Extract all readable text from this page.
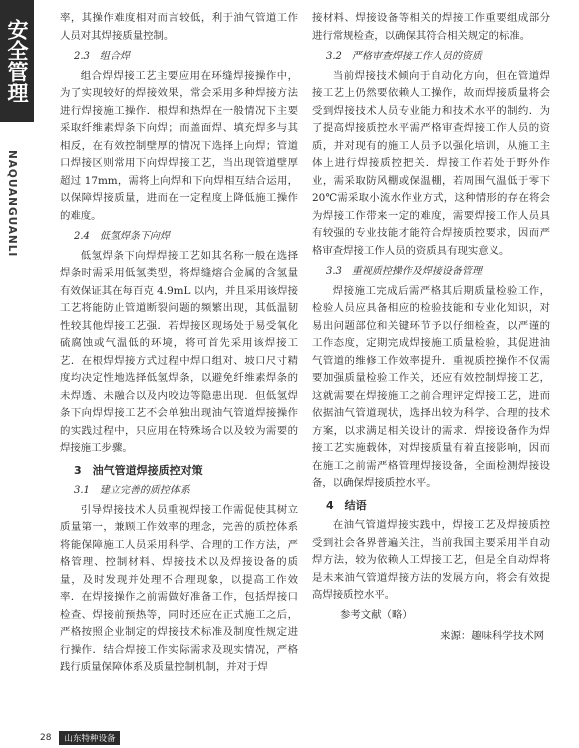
安全管理
NAQUANGUANLI

率，其操作难度相对而言较低，利于油气管道工作人员对其焊接质量控制。

2.3　组合焊

组合焊焊接工艺主要应用在环缝焊接操作中，为了实现较好的焊接效果，常会采用多种焊接方法进行焊接施工操作．根焊和热焊在一般情况下主要采取纤维素焊条下向焊；而盖面焊、填充焊多与其相反，在有效控制壁厚的情况下选择上向焊；管道口焊接区则常用下向焊焊接工艺，当出现管道壁厚超过 17mm，需将上向焊和下向焊相互结合运用，以保障焊接质量，进而在一定程度上降低施工操作的难度。

2.4　低氢焊条下向焊

低氢焊条下向焊焊接工艺如其名称一般在选择焊条时需采用低氢类型，将焊缝熔合金属的含氢量有效保证其在每百克 4.9mL 以内，并且采用该焊接工艺将能防止管道断裂问题的频繁出现，其低温韧性较其他焊接工艺强．若焊接区现场处于易受氧化硫腐蚀或气温低的环境，将可首先采用该焊接工艺．在根焊焊接方式过程中焊口组对、坡口尺寸精度均决定性地选择低氢焊条，以避免纤维素焊条的未焊透、未融合以及内咬边等隐患出现．但低氢焊条下向焊焊接工艺不会单独出现油气管道焊接操作的实践过程中，只应用在特殊场合以及较为需要的焊接施工步骤。

3　油气管道焊接质控对策
3.1　建立完善的质控体系

引导焊接技术人员重视焊接工作需促使其树立质量第一，兼顾工作效率的理念，完善的质控体系将能保障施工人员采用科学、合理的工作方法，严格管理、控制材料、焊接技术以及焊接设备的质量，及时发现并处理不合理现象，以提高工作效率．在焊接操作之前需做好准备工作，包括焊接口检查、焊接前预热等，同时还应在正式施工之后，严格按照企业制定的焊接技术标准及制度性规定进行操作．结合焊接工作实际需求及现实情况，严格践行质量保障体系及质量控制机制，并对于焊

接材料、焊接设备等相关的焊接工作重要组成部分进行常规检查，以确保其符合相关规定的标准。

3.2　严格审查焊接工作人员的资质

当前焊接技术倾向于自动化方向，但在管道焊接工艺上仍然要依赖人工操作，故而焊接质量将会受到焊接技术人员专业能力和技术水平的制约．为了提高焊接质控水平需严格审查焊接工作人员的资质，并对现有的施工人员予以强化培训，从施工主体上进行焊接质控把关．焊接工作若处于野外作业，需采取防风棚或保温棚，若周围气温低于零下 20℃需采取小流水作业方式，这种情形的存在将会为焊接工作带来一定的难度，需要焊接工作人员具有较强的专业技能才能符合焊接质控要求，因而严格审查焊接工作人员的资质具有现实意义。

3.3　重视质控操作及焊接设备管理

焊接施工完成后需严格其后期质量检验工作，检验人员应具备相应的检验技能和专业化知识，对易出问题部位和关键环节予以仔细检查，以严谨的工作态度，定期完成焊接施工质量检验，其促进油气管道的维修工作效率提升．重视质控操作不仅需要加强质量检验工作关，还应有效控制焊接工艺，这就需要在焊接施工之前合理评定焊接工艺，进而依据油气管道现状，选择出较为科学、合理的技术方案，以求满足相关设计的需求．焊接设备作为焊接工艺实施载体，对焊接质量有着直接影响，因而在施工之前需严格管理焊接设备，全面检测焊接设备，以确保焊接质控水平。

4　结语

在油气管道焊接实践中，焊接工艺及焊接质控受到社会各界普遍关注，当前我国主要采用半自动焊方法，较为依赖人工焊接工艺，但是全自动焊将是未来油气管道焊接方法的发展方向，将会有效提高焊接质控水平。

参考文献（略）
来源：趣味科学技术网
28	山东特种设备
